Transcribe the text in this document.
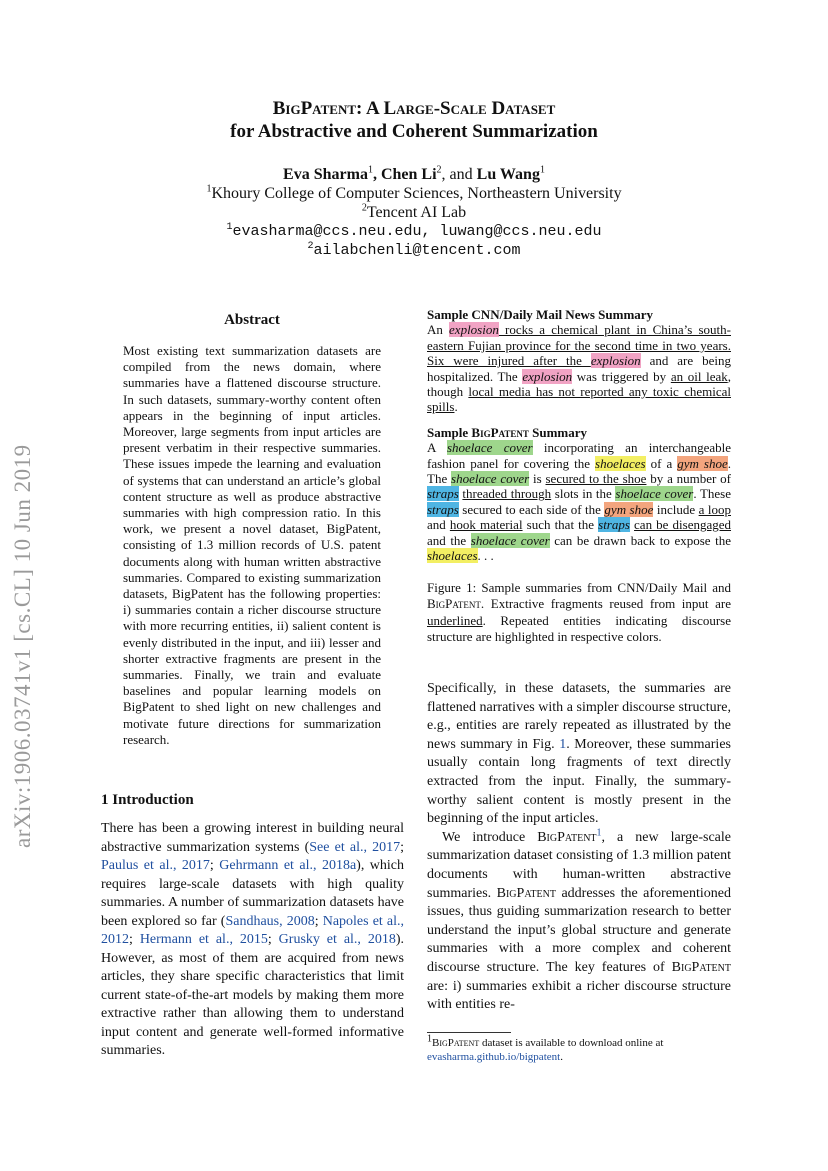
arXiv:1906.03741v1 [cs.CL] 10 Jun 2019
BigPatent: A Large-Scale Dataset
for Abstractive and Coherent Summarization
Eva Sharma$^1$, Chen Li$^2$, and Lu Wang$^1$
$^1$Khoury College of Computer Sciences, Northeastern University
$^2$Tencent AI Lab
$^1$evasharma@ccs.neu.edu, luwang@ccs.neu.edu
$^2$ailabchenli@tencent.com
Abstract
Most existing text summarization datasets are compiled from the news domain, where summaries have a flattened discourse structure. In such datasets, summary-worthy content often appears in the beginning of input articles. Moreover, large segments from input articles are present verbatim in their respective summaries. These issues impede the learning and evaluation of systems that can understand an article’s global content structure as well as produce abstractive summaries with high compression ratio. In this work, we present a novel dataset, BigPatent, consisting of 1.3 million records of U.S. patent documents along with human written abstractive summaries. Compared to existing summarization datasets, BigPatent has the following properties: i) summaries contain a richer discourse structure with more recurring entities, ii) salient content is evenly distributed in the input, and iii) lesser and shorter extractive fragments are present in the summaries. Finally, we train and evaluate baselines and popular learning models on BigPatent to shed light on new challenges and motivate future directions for summarization research.
1 Introduction
There has been a growing interest in building neural abstractive summarization systems (See et al., 2017; Paulus et al., 2017; Gehrmann et al., 2018a), which requires large-scale datasets with high quality summaries. A number of summarization datasets have been explored so far (Sandhaus, 2008; Napoles et al., 2012; Hermann et al., 2015; Grusky et al., 2018). However, as most of them are acquired from news articles, they share specific characteristics that limit current state-of-the-art models by making them more extractive rather than allowing them to understand input content and generate well-formed informative summaries.
Sample CNN/Daily Mail News Summary

An explosion rocks a chemical plant in China’s south-eastern Fujian province for the second time in two years. Six were injured after the explosion and are being hospitalized. The explosion was triggered by an oil leak, though local media has not reported any toxic chemical spills.

Sample BigPatent Summary

A shoelace cover incorporating an interchangeable fashion panel for covering the shoelaces of a gym shoe. The shoelace cover is secured to the shoe by a number of straps threaded through slots in the shoelace cover. These straps secured to each side of the gym shoe include a loop and hook material such that the straps can be disengaged and the shoelace cover can be drawn back to expose the shoelaces. . .

Figure 1: Sample summaries from CNN/Daily Mail and BigPatent. Extractive fragments reused from input are underlined. Repeated entities indicating discourse structure are highlighted in respective colors.

Specifically, in these datasets, the summaries are flattened narratives with a simpler discourse structure, e.g., entities are rarely repeated as illustrated by the news summary in Fig. 1. Moreover, these summaries usually contain long fragments of text directly extracted from the input. Finally, the summary-worthy salient content is mostly present in the beginning of the input articles.

We introduce BigPatent$^1$, a new large-scale summarization dataset consisting of 1.3 million patent documents with human-written abstractive summaries. BigPatent addresses the aforementioned issues, thus guiding summarization research to better understand the input’s global structure and generate summaries with a more complex and coherent discourse structure. The key features of BigPatent are: i) summaries exhibit a richer discourse structure with entities re-

$^1$BigPatent dataset is available to download online at evasharma.github.io/bigpatent.
